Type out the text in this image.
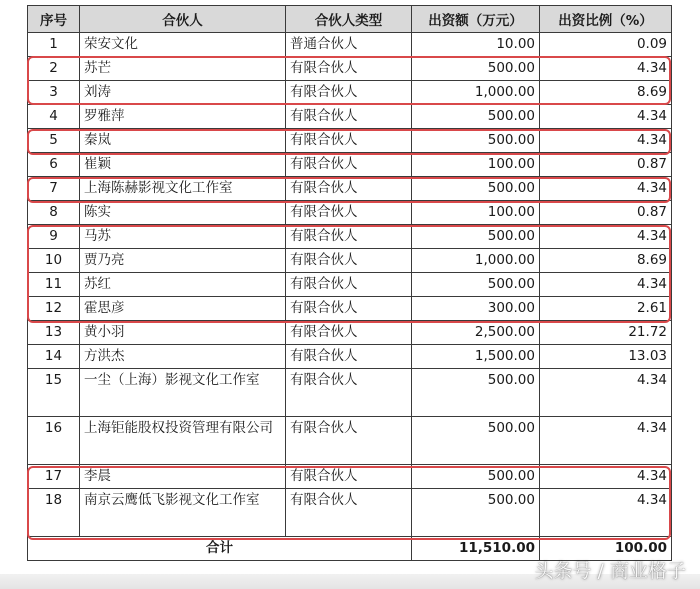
序号	合伙人	合伙人类型	出资额（万元）	出资比例（%）
1	荣安文化	普通合伙人	10.00	0.09
2	苏芒	有限合伙人	500.00	4.34
3	刘涛	有限合伙人	1,000.00	8.69
4	罗雅萍	有限合伙人	500.00	4.34
5	秦岚	有限合伙人	500.00	4.34
6	崔颖	有限合伙人	100.00	0.87
7	上海陈赫影视文化工作室	有限合伙人	500.00	4.34
8	陈实	有限合伙人	100.00	0.87
9	马苏	有限合伙人	500.00	4.34
10	贾乃亮	有限合伙人	1,000.00	8.69
11	苏红	有限合伙人	500.00	4.34
12	霍思彦	有限合伙人	300.00	2.61
13	黄小羽	有限合伙人	2,500.00	21.72
14	方洪杰	有限合伙人	1,500.00	13.03
15	一尘（上海）影视文化工作室	有限合伙人	500.00	4.34
16	上海钜能股权投资管理有限公司	有限合伙人	500.00	4.34
17	李晨	有限合伙人	500.00	4.34
18	南京云鹰低飞影视文化工作室	有限合伙人	500.00	4.34
合计			11,510.00	100.00
头条号 / 商业格子
